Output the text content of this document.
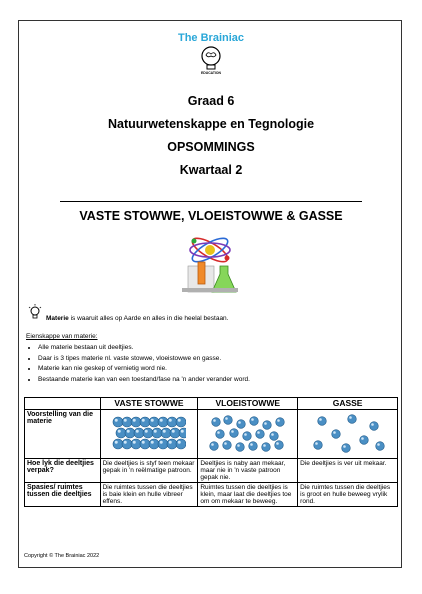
The Brainiac
EDUCATION
Graad 6
Natuurwetenskappe en Tegnologie
OPSOMMINGS
Kwartaal 2
VASTE STOWWE, VLOEISTOWWE & GASSE
Materie is waaruit alles op Aarde en alles in die heelal bestaan.
Eienskappe van materie:
• Alle materie bestaan uit deeltjies.
• Daar is 3 tipes materie nl. vaste stowwe, vloeistowwe en gasse.
• Materie kan nie geskep of vernietig word nie.
• Bestaande materie kan van een toestand/fase na 'n ander verander word.
	VASTE STOWWE	VLOEISTOWWE	GASSE
Voorstelling van die materie	

Hoe lyk die deeltjies verpak?	Die deeltjies is styf teen mekaar gepak in 'n reëlmatige patroon.	Deeltjies is naby aan mekaar, maar nie in 'n vaste patroon gepak nie.	Die deeltjies is ver uit mekaar.
Spasies/ ruimtes tussen die deeltjies	Die ruimtes tussen die deeltjies is baie klein en hulle vibreer effens.	Ruimtes tussen die deeltjies is klein, maar laat die deeltjies toe om om mekaar te beweeg.	Die ruimtes tussen die deeltjies is groot en hulle beweeg vrylik rond.
Copyright © The Brainiac 2022
